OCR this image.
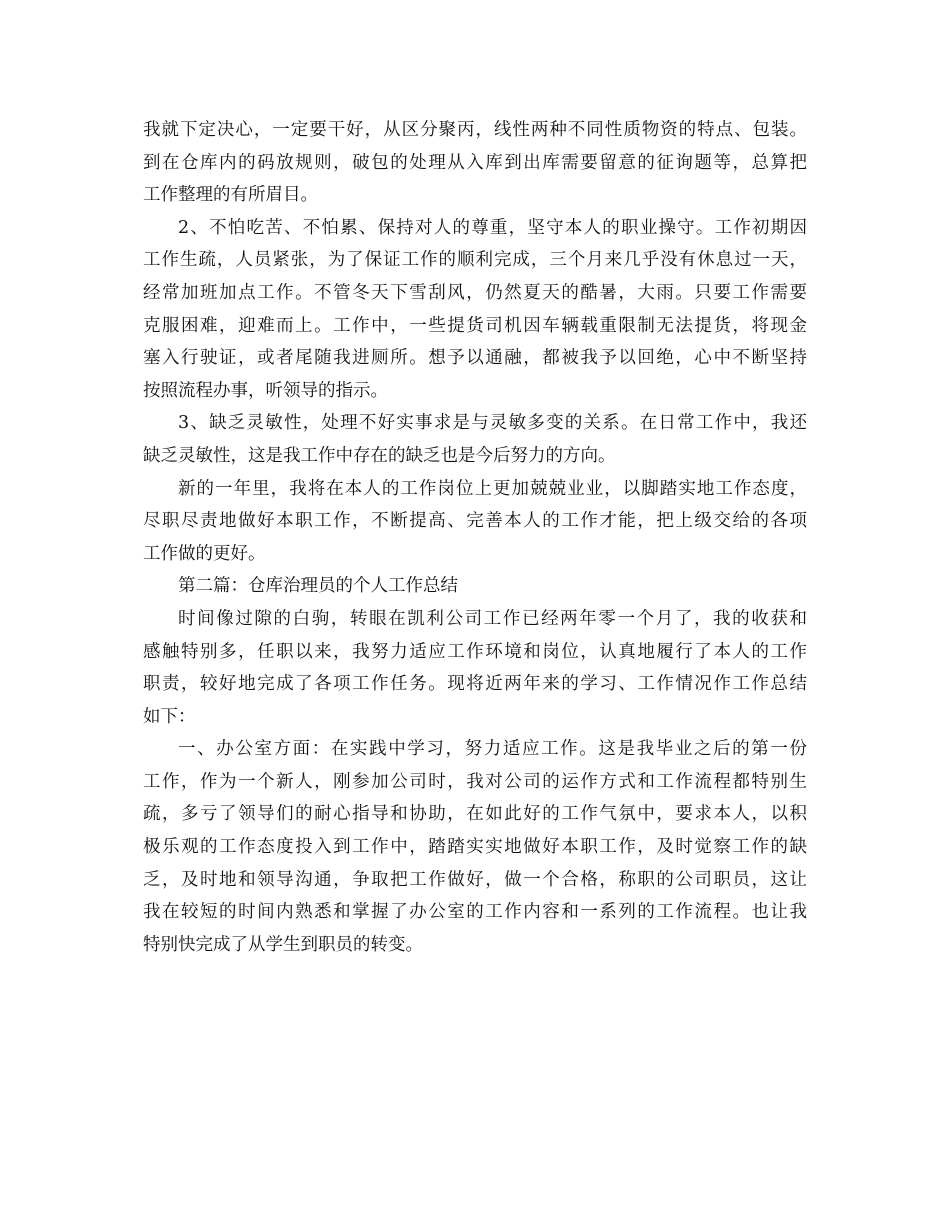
我就下定决心，一定要干好，从区分聚丙，线性两种不同性质物资的特点、包装。
到在仓库内的码放规则，破包的处理从入库到出库需要留意的征询题等，总算把
工作整理的有所眉目。
2、不怕吃苦、不怕累、保持对人的尊重，坚守本人的职业操守。工作初期因
工作生疏，人员紧张，为了保证工作的顺利完成，三个月来几乎没有休息过一天，
经常加班加点工作。不管冬天下雪刮风，仍然夏天的酷暑，大雨。只要工作需要
克服困难，迎难而上。工作中，一些提货司机因车辆载重限制无法提货，将现金
塞入行驶证，或者尾随我进厕所。想予以通融，都被我予以回绝，心中不断坚持
按照流程办事，听领导的指示。
3、缺乏灵敏性，处理不好实事求是与灵敏多变的关系。在日常工作中，我还
缺乏灵敏性，这是我工作中存在的缺乏也是今后努力的方向。
新的一年里，我将在本人的工作岗位上更加兢兢业业，以脚踏实地工作态度，
尽职尽责地做好本职工作，不断提高、完善本人的工作才能，把上级交给的各项
工作做的更好。
第二篇：仓库治理员的个人工作总结
时间像过隙的白驹，转眼在凯利公司工作已经两年零一个月了，我的收获和
感触特别多，任职以来，我努力适应工作环境和岗位，认真地履行了本人的工作
职责，较好地完成了各项工作任务。现将近两年来的学习、工作情况作工作总结
如下：
一、办公室方面：在实践中学习，努力适应工作。这是我毕业之后的第一份
工作，作为一个新人，刚参加公司时，我对公司的运作方式和工作流程都特别生
疏，多亏了领导们的耐心指导和协助，在如此好的工作气氛中，要求本人，以积
极乐观的工作态度投入到工作中，踏踏实实地做好本职工作，及时觉察工作的缺
乏，及时地和领导沟通，争取把工作做好，做一个合格，称职的公司职员，这让
我在较短的时间内熟悉和掌握了办公室的工作内容和一系列的工作流程。也让我
特别快完成了从学生到职员的转变。
